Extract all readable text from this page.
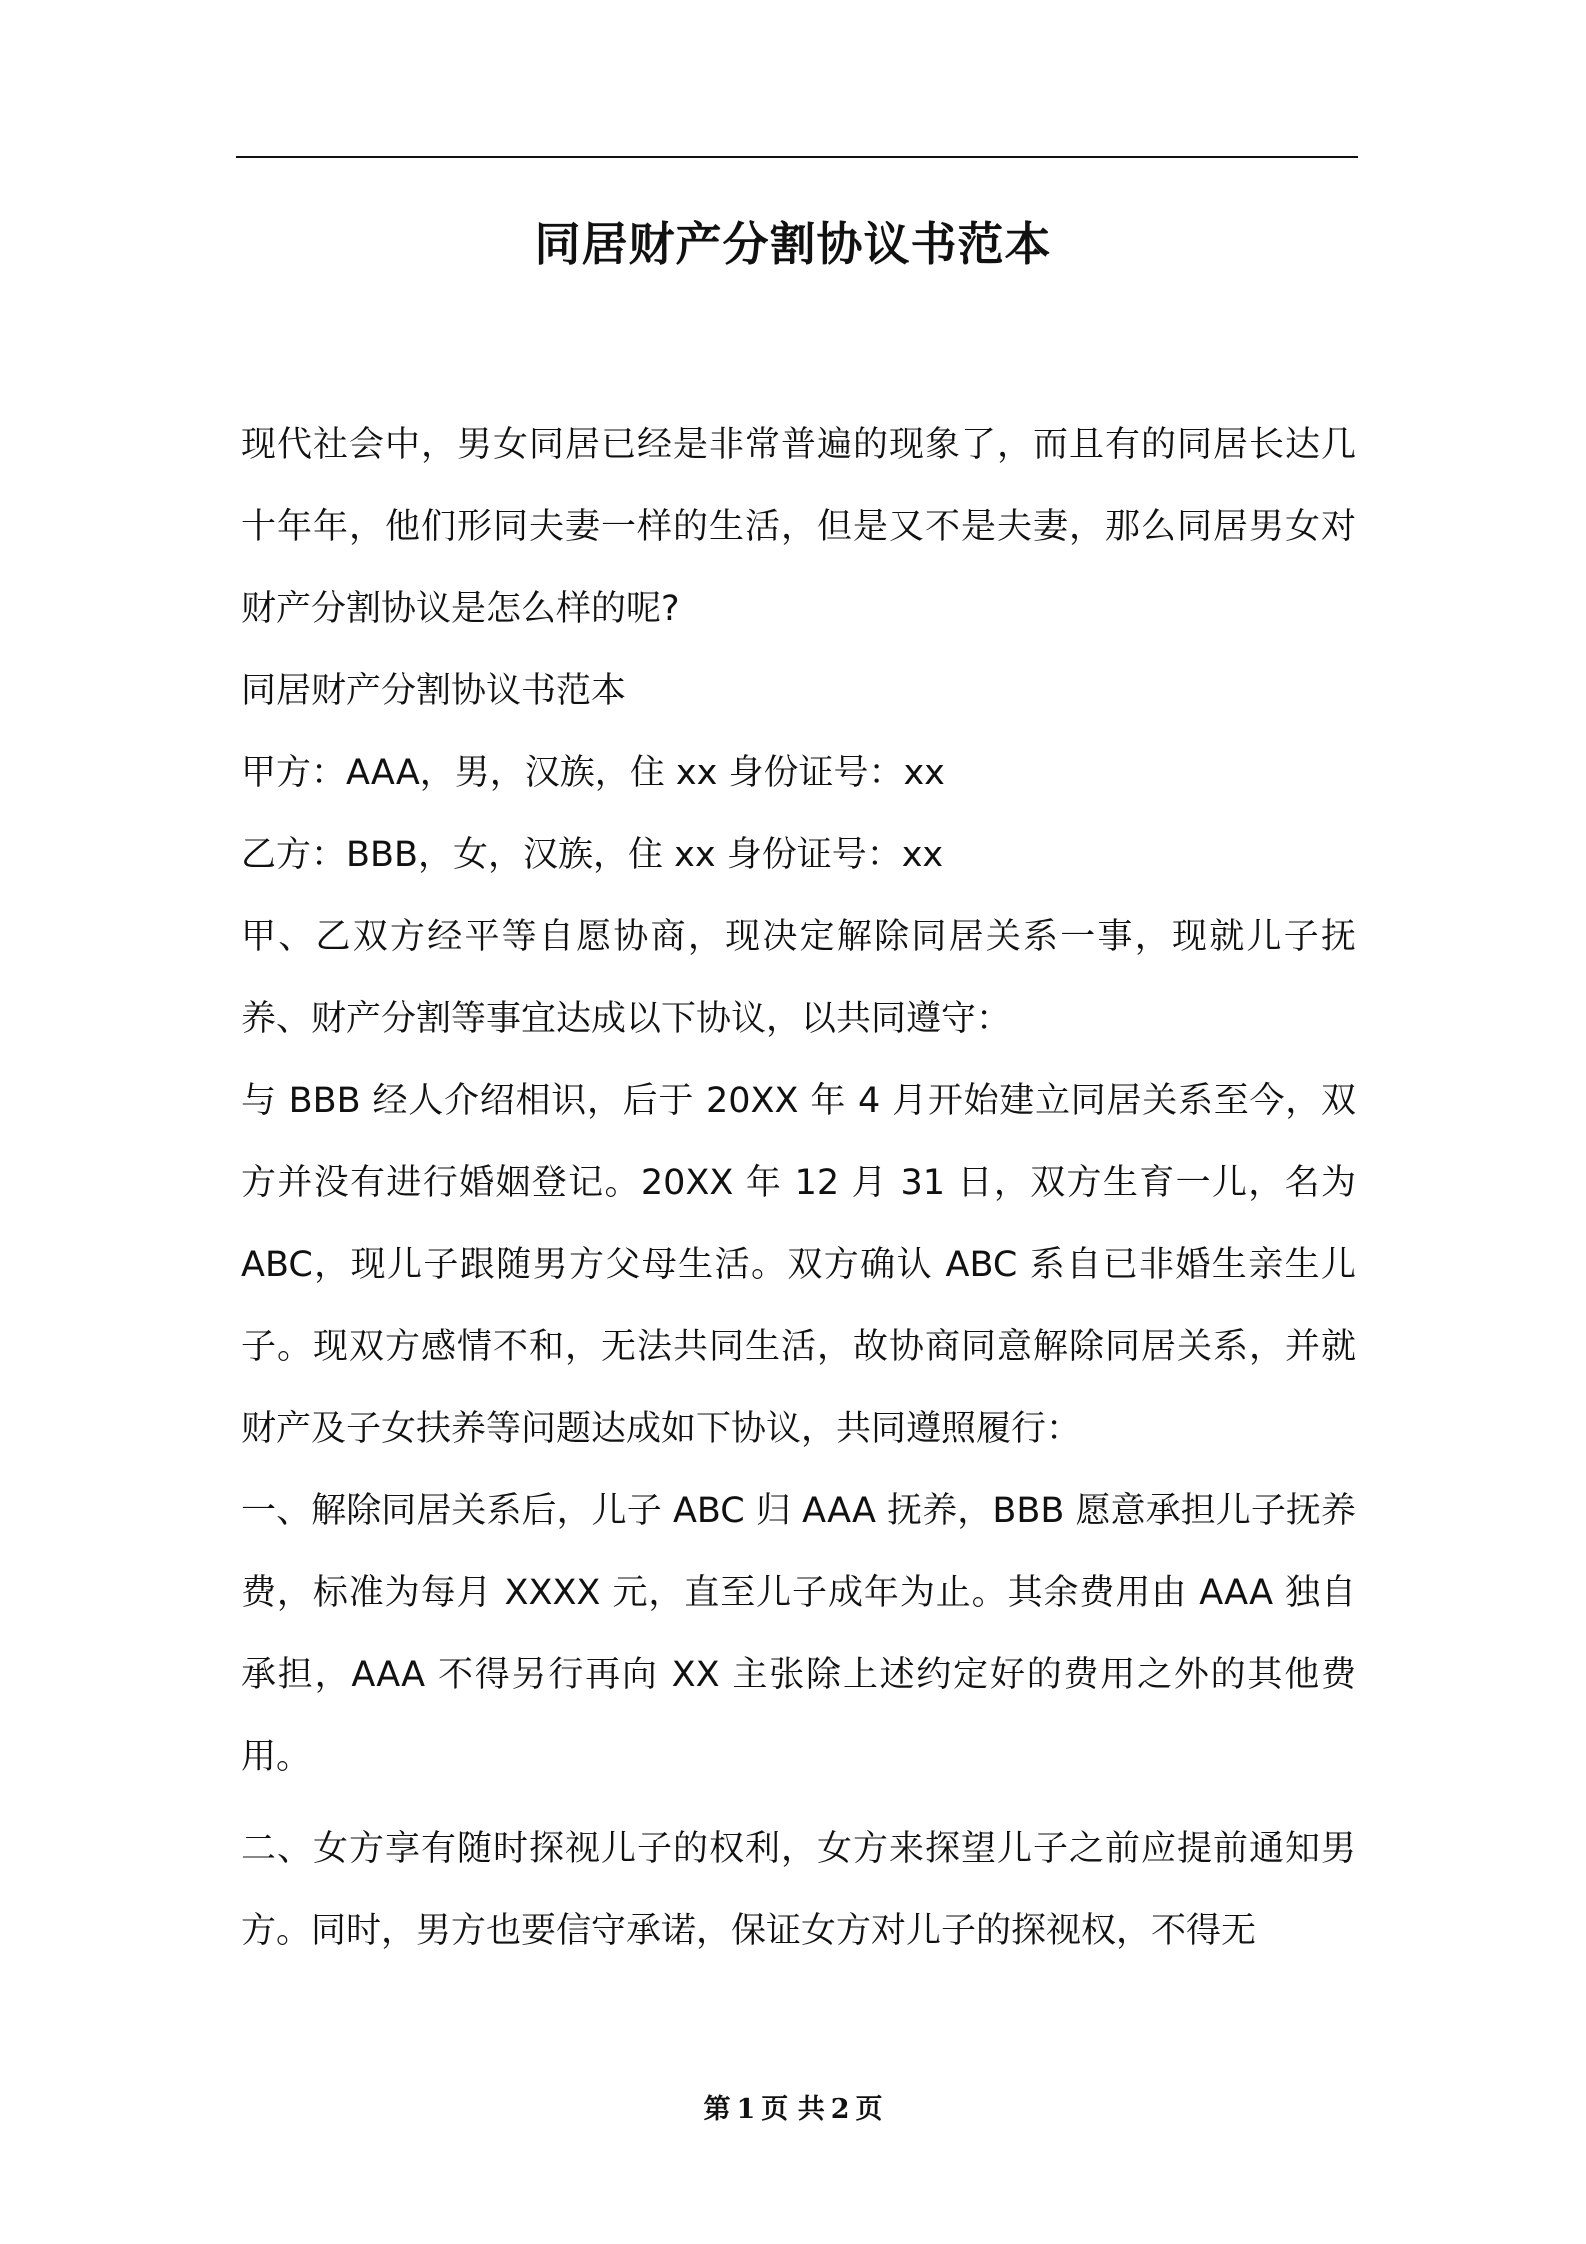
同居财产分割协议书范本

现代社会中，男女同居已经是非常普遍的现象了，而且有的同居长达几十年年，他们形同夫妻一样的生活，但是又不是夫妻，那么同居男女对财产分割协议是怎么样的呢?

同居财产分割协议书范本

甲方：AAA，男，汉族，住 xx 身份证号：xx

乙方：BBB，女，汉族，住 xx 身份证号：xx

甲、乙双方经平等自愿协商，现决定解除同居关系一事，现就儿子抚养、财产分割等事宜达成以下协议，以共同遵守：

与 BBB 经人介绍相识，后于 20XX 年 4 月开始建立同居关系至今，双方并没有进行婚姻登记。20XX 年 12 月 31 日，双方生育一儿，名为 ABC，现儿子跟随男方父母生活。双方确认 ABC 系自已非婚生亲生儿子。现双方感情不和，无法共同生活，故协商同意解除同居关系，并就财产及子女扶养等问题达成如下协议，共同遵照履行：

一、解除同居关系后，儿子 ABC 归 AAA 抚养，BBB 愿意承担儿子抚养费，标准为每月 XXXX 元，直至儿子成年为止。其余费用由 AAA 独自承担，AAA 不得另行再向 XX 主张除上述约定好的费用之外的其他费用。

二、女方享有随时探视儿子的权利，女方来探望儿子之前应提前通知男方。同时，男方也要信守承诺，保证女方对儿子的探视权，不得无

第 1 页 共 2 页
